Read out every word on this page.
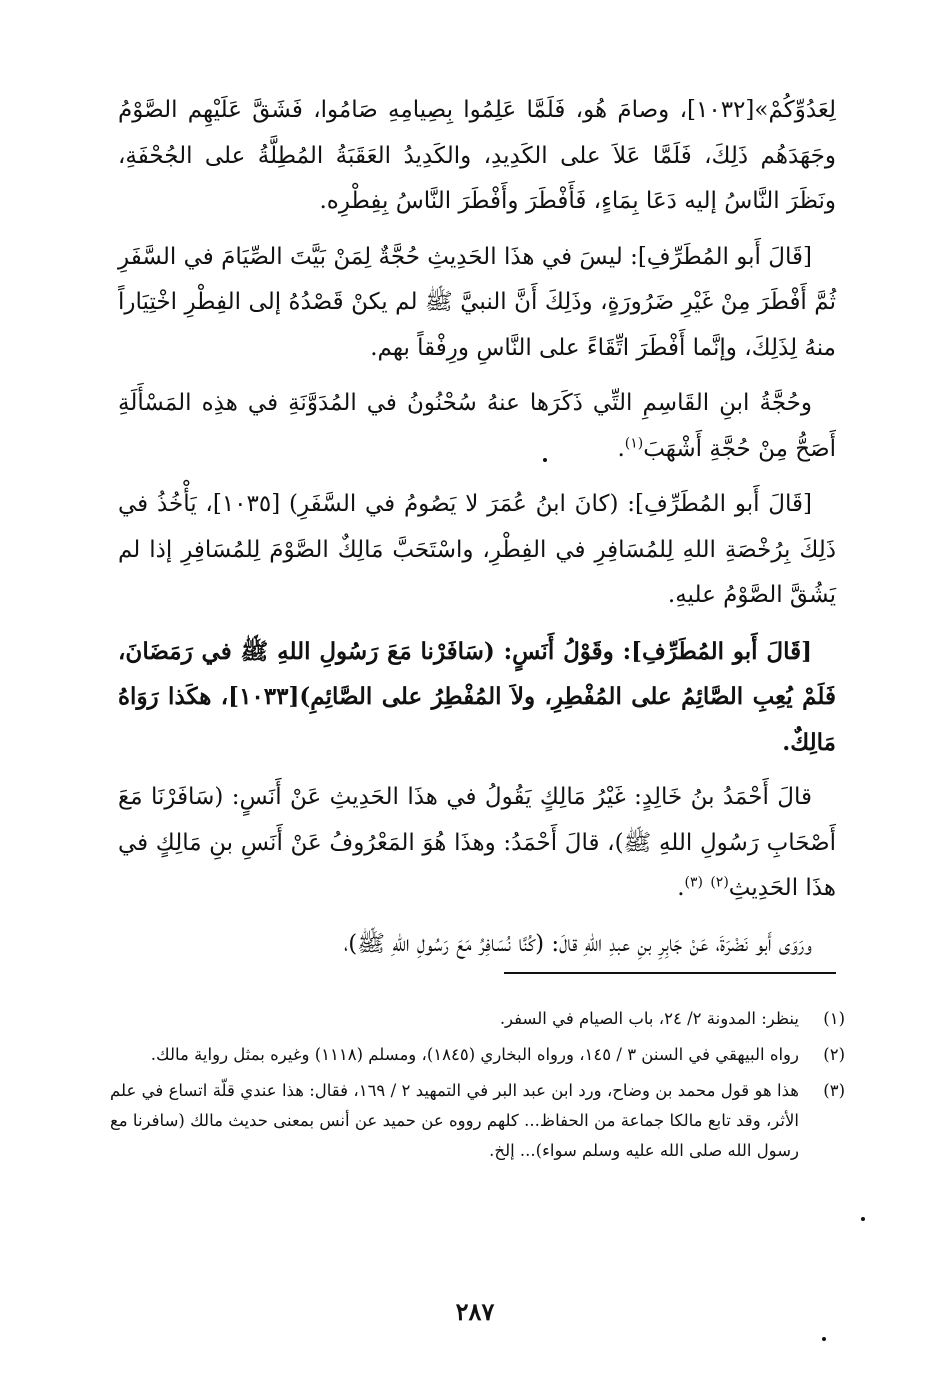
لِعَدُوِّكُمْ»[١٠٣٢]، وصامَ هُو، فَلَمَّا عَلِمُوا بِصِيامِهِ صَامُوا، فَشَقَّ عَلَيْهِم الصَّوْمُ وجَهَدَهُم ذَلِكَ، فَلَمَّا عَلاَ على الكَدِيدِ، والكَدِيدُ العَقَبَةُ المُطِلَّةُ على الجُحْفَةِ، ونَظَرَ النَّاسُ إليه دَعَا بِمَاءٍ، فَأَفْطَرَ وأَفْطَرَ النَّاسُ بِفِطْرِه.

[قَالَ أَبو المُطَرِّفِ]: ليسَ في هذَا الحَدِيثِ حُجَّةٌ لِمَنْ بَيَّتَ الصِّيَامَ في السَّفَرِ ثُمَّ أَفْطَرَ مِنْ غَيْرِ ضَرُورَةٍ، وذَلِكَ أَنَّ النبيَّ ﷺ لم يكنْ قَصْدُهُ إلى الفِطْرِ اخْتِيَاراً منهُ لِذَلِكَ، وإنَّما أَفْطَرَ اتِّقَاءً على النَّاسِ ورِفْقاً بهم.

وحُجَّةُ ابنِ القَاسِمِ التِّي ذَكَرَها عنهُ سُحْنُونُ في المُدَوَّنَةِ في هذِه المَسْأَلَةِ أَصَحُّ مِنْ حُجَّةِ أَشْهَبَ$^{(١)}$.

[قَالَ أَبو المُطَرِّفِ]: (كانَ ابنُ عُمَرَ لا يَصُومُ في السَّفَرِ) [١٠٣٥]، يَأْخُذُ في ذَلِكَ بِرُخْصَةِ اللهِ لِلمُسَافِرِ في الفِطْرِ، واسْتَحَبَّ مَالِكٌ الصَّوْمَ لِلمُسَافِرِ إذا لم يَشُقَّ الصَّوْمُ عليهِ.

[قَالَ أَبو المُطَرِّفِ]: وقَوْلُ أَنَسٍ: (سَافَرْنا مَعَ رَسُولِ اللهِ ﷺ في رَمَضَانَ، فَلَمْ يُعِبِ الصَّائِمُ على المُفْطِرِ، ولاَ المُفْطِرُ على الصَّائِمِ)[١٠٣٣]، هكَذا رَوَاهُ مَالِكٌ.

قالَ أَحْمَدُ بنُ خَالِدٍ: غَيْرُ مَالِكٍ يَقُولُ في هذَا الحَدِيثِ عَنْ أَنَسٍ: (سَافَرْنَا مَعَ أَصْحَابِ رَسُولِ اللهِ ﷺ)، قالَ أَحْمَدُ: وهذَا هُوَ المَعْرُوفُ عَنْ أَنَسِ بنِ مَالِكٍ في هذَا الحَدِيثِ$^{(٢)}$ $^{(٣)}$.

ورَوَى أَبو نَضْرَةَ، عَنْ جَابِرِ بنِ عبدِ اللهِ قالَ: (كُنَّا نُسَافِرُ مَعَ رَسُولِ اللهِ ﷺ)،

(١)
ينظر: المدونة ٢/ ٢٤، باب الصيام في السفر.
(٢)
رواه البيهقي في السنن ٣ / ١٤٥، ورواه البخاري (١٨٤٥)، ومسلم (١١١٨) وغيره بمثل رواية مالك.
(٣)
هذا هو قول محمد بن وضاح، ورد ابن عبد البر في التمهيد ٢ / ١٦٩، فقال: هذا عندي قلّة اتساع في علم الأثر، وقد تابع مالكا جماعة من الحفاظ... كلهم رووه عن حميد عن أنس بمعنى حديث مالك (سافرنا مع رسول الله صلى الله عليه وسلم سواء)... إلخ.
٢٨٧
